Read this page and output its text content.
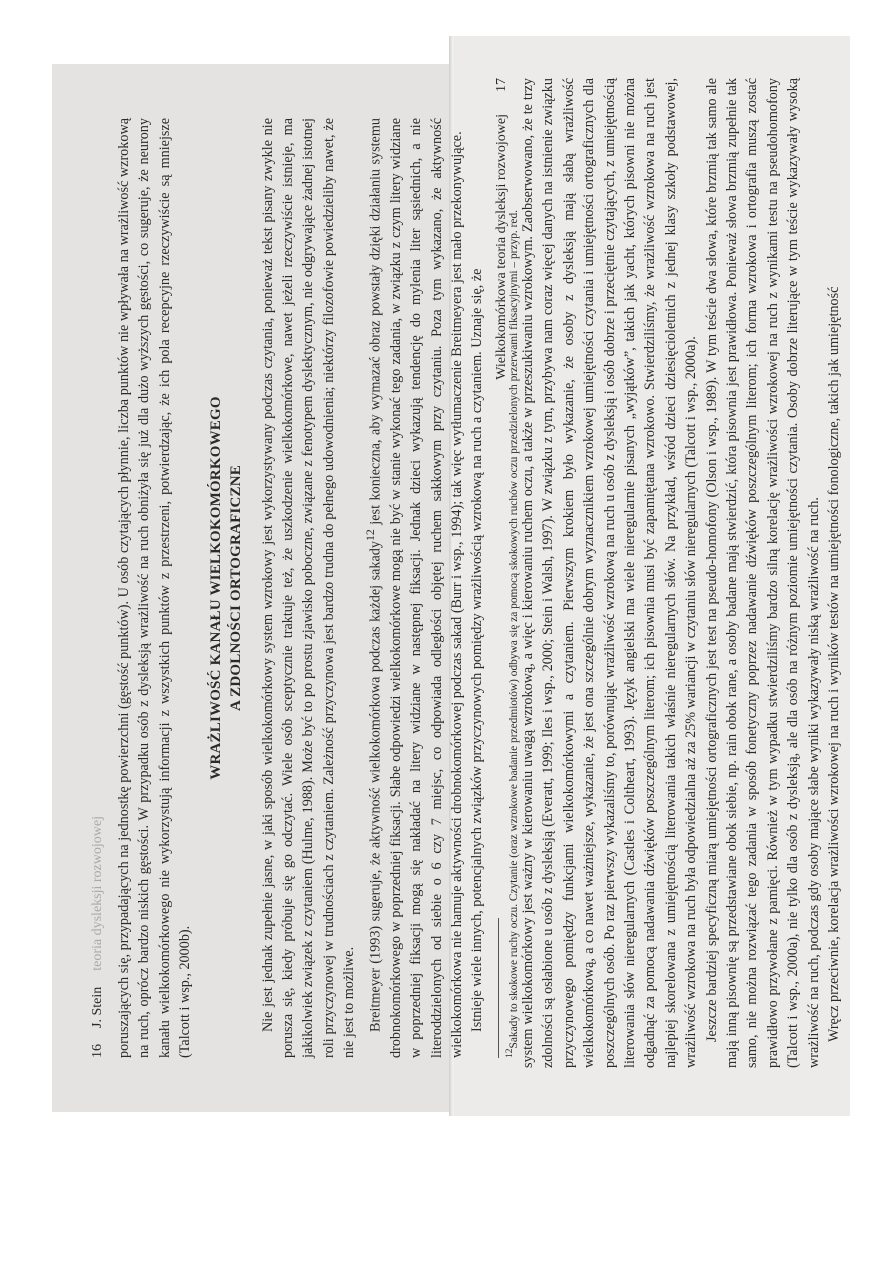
16
J. Stein
teoria dysleksji rozwojowej poruszających się, przypadających na jednostkę powierzchni (gęstość punktów). U osób czytających płynnie, liczba punktów nie wpływała na wrażliwość wzrokową na ruch, oprócz bardzo niskich gęstości. W przypadku osób z dysleksją wrażliwość na ruch obniżyła się już dla dużo wyższych gęstości, co sugeruje, że neurony kanału wielkokomórkowego nie wykorzystują informacji z wszystkich punktów z przestrzeni, potwierdzając, że ich pola recepcyjne rzeczywiście są mniejsze (Talcott i wsp., 2000b).

WRAŻLIWOŚĆ KANAŁU WIELKOKOMÓRKOWEGO A ZDOLNOŚCI ORTOGRAFICZNE Nie jest jednak zupełnie jasne, w jaki sposób wielkokomórkowy system wzrokowy jest wykorzystywany podczas czytania, ponieważ tekst pisany zwykle nie porusza się, kiedy próbuje się go odczytać. Wiele osób sceptycznie traktuje też, że uszkodzenie wielkokomórkowe, nawet jeżeli rzeczywiście istnieje, ma jakikolwiek związek z czytaniem (Hulme, 1988). Może być to po prostu zjawisko poboczne, związane z fenotypem dyslektycznym, nie odgrywające żadnej istotnej roli przyczynowej w trudnościach z czytaniem. Zależność przyczynowa jest bardzo trudna do pełnego udowodnienia; niektórzy filozofowie powiedzieliby nawet, że nie jest to możliwe. Breitmeyer (1993) sugeruje, że aktywność wielkokomórkowa podczas każdej sakady$^{12}$ jest konieczna, aby wymazać obraz powstały dzięki działaniu systemu drobnokomórkowego w poprzedniej fiksacji. Słabe odpowiedzi wielkokomórkowe mogą nie być w stanie wykonać tego zadania, w związku z czym litery widziane w poprzedniej fiksacji mogą się nakładać na litery widziane w następnej fiksacji. Jednak dzieci wykazują tendencję do mylenia liter sąsiednich, a nie literoddzielonych od siebie o 6 czy 7 miejsc, co odpowiada odległości objętej ruchem sakkowym przy czytaniu. Poza tym wykazano, że aktywność wielkokomórkowa nie hamuje aktywności drobnokomórkowej podczas sakad (Burr i wsp., 1994); tak więc wytłumaczenie Breitmeyera jest mało przekonywujące. Istnieje wiele innych, potencjalnych związków przyczynowych pomiędzy wrażliwością wzrokową na ruch a czytaniem. Uznaje się, że

$^{12}$Sakady to skokowe ruchy oczu. Czytanie (oraz wzrokowe badanie przedmiotów) odbywa się za pomocą skokowych ruchów oczu przedzielonych przerwami fiksacyjnymi – przyp. red.

Wielkokomórkowa teoria dysleksji rozwojowej
17 system wielkokomórkowy jest ważny w kierowaniu uwagą wzrokową, a więc i kierowaniu ruchem oczu, a także w przeszukiwaniu wzrokowym. Zaobserwowano, że te trzy zdolności są osłabione u osób z dysleksją (Everatt, 1999; Iles i wsp., 2000; Stein i Walsh, 1997). W związku z tym, przybywa nam coraz więcej danych na istnienie związku przyczynowego pomiędzy funkcjami wielkokomórkowymi a czytaniem. Pierwszym krokiem było wykazanie, że osoby z dysleksją mają słabą wrażliwość wielkokomórkową, a co nawet ważniejsze, wykazanie, że jest ona szczególnie dobrym wyznacznikiem wzrokowej umiejętności czytania i umiejętności ortograficznych dla poszczególnych osób. Po raz pierwszy wykazaliśmy to, porównując wrażliwość wzrokową na ruch u osób z dysleksją i osób dobrze i przeciętnie czytających, z umiejętnością literowania słów nieregularnych (Castles i Coltheart, 1993). Język angielski ma wiele nieregularnie pisanych „wyjątków”, takich jak yacht, których pisowni nie można odgadnąć za pomocą nadawania dźwięków poszczególnym literom; ich pisownia musi być zapamiętana wzrokowo. Stwierdziliśmy, że wrażliwość wzrokowa na ruch jest najlepiej skorelowana z umiejętnością literowania takich właśnie nieregularnych słów. Na przykład, wśród dzieci dziesięcioletnich z jednej klasy szkoły podstawowej, wrażliwość wzrokowa na ruch była odpowiedzialna aż za 25% wariancji w czytaniu słów nieregularnych (Talcott i wsp., 2000a). Jeszcze bardziej specyficzną miarą umiejętności ortograficznych jest test na pseudo-homofony (Olson i wsp., 1989). W tym teście dwa słowa, które brzmią tak samo ale mają inną pisownię są przedstawiane obok siebie, np. rain obok rane, a osoby badane mają stwierdzić, która pisownia jest prawidłowa. Ponieważ słowa brzmią zupełnie tak samo, nie można rozwiązać tego zadania w sposób fonetyczny poprzez nadawanie dźwięków poszczególnym literom; ich forma wzrokowa i ortografia muszą zostać prawidłowo przywołane z pamięci. Również w tym wypadku stwierdziliśmy bardzo silną korelację wrażliwości wzrokowej na ruch z wynikami testu na pseudohomofony (Talcott i wsp., 2000a), nie tylko dla osób z dysleksją, ale dla osób na różnym poziomie umiejętności czytania. Osoby dobrze literujące w tym teście wykazywały wysoką wrażliwość na ruch, podczas gdy osoby mające słabe wyniki wykazywały niską wrażliwość na ruch. Wręcz przeciwnie, korelacja wrażliwości wzrokowej na ruch i wyników testów na umiejętności fonologiczne, takich jak umiejętność
